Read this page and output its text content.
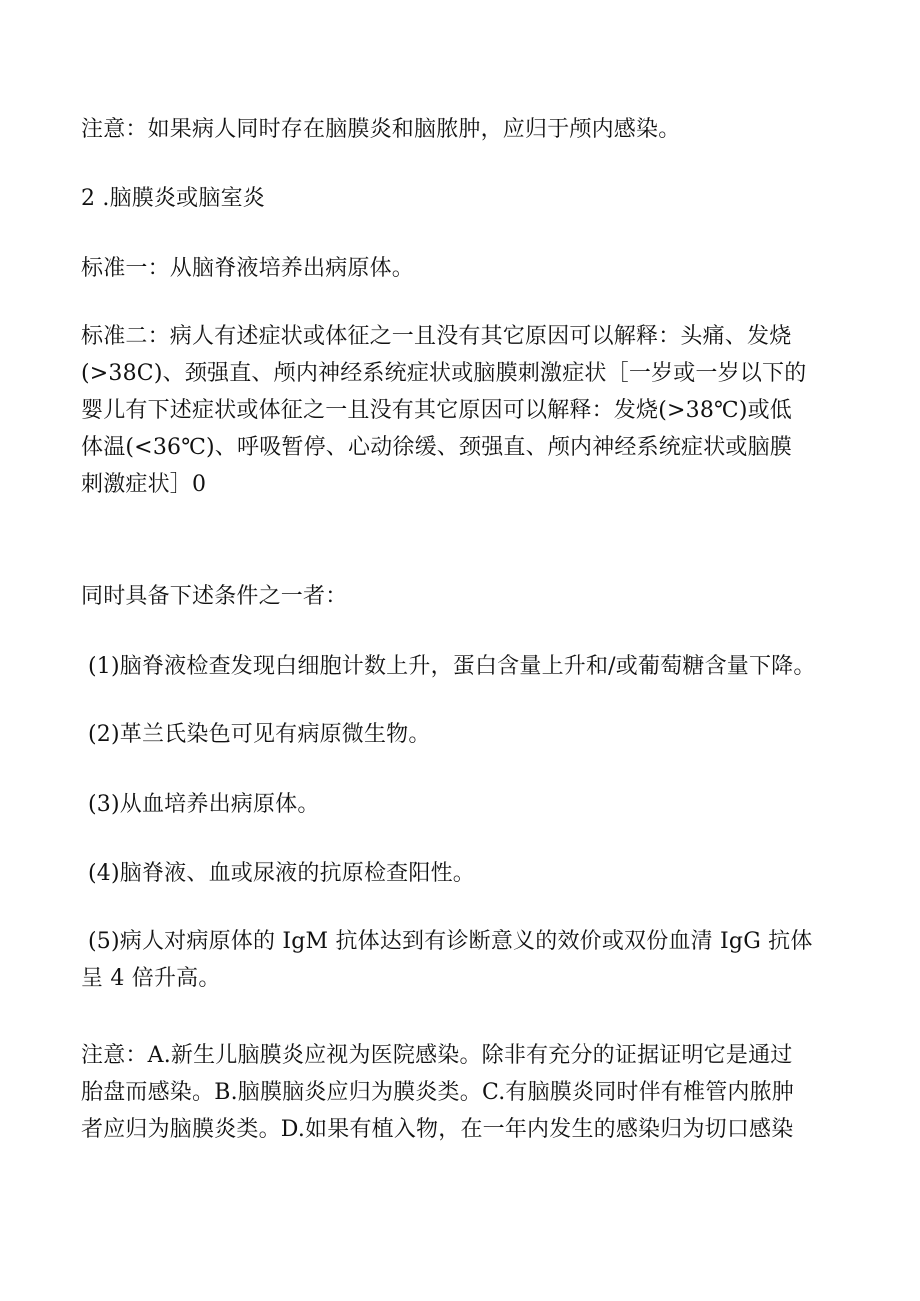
注意：如果病人同时存在脑膜炎和脑脓肿，应归于颅内感染。

2 .脑膜炎或脑室炎

标准一：从脑脊液培养出病原体。

标准二：病人有述症状或体征之一且没有其它原因可以解释：头痛、发烧
(>38C)、颈强直、颅内神经系统症状或脑膜刺激症状［一岁或一岁以下的
婴儿有下述症状或体征之一且没有其它原因可以解释：发烧(>38℃)或低
体温(<36℃)、呼吸暂停、心动徐缓、颈强直、颅内神经系统症状或脑膜
刺激症状］0

同时具备下述条件之一者：

(1)脑脊液检查发现白细胞计数上升，蛋白含量上升和/或葡萄糖含量下降。

(2)革兰氏染色可见有病原微生物。

(3)从血培养出病原体。

(4)脑脊液、血或尿液的抗原检查阳性。

(5)病人对病原体的 IgM 抗体达到有诊断意义的效价或双份血清 IgG 抗体
呈 4 倍升高。

注意：A.新生儿脑膜炎应视为医院感染。除非有充分的证据证明它是通过
胎盘而感染。B.脑膜脑炎应归为膜炎类。C.有脑膜炎同时伴有椎管内脓肿
者应归为脑膜炎类。D.如果有植入物，在一年内发生的感染归为切口感染
